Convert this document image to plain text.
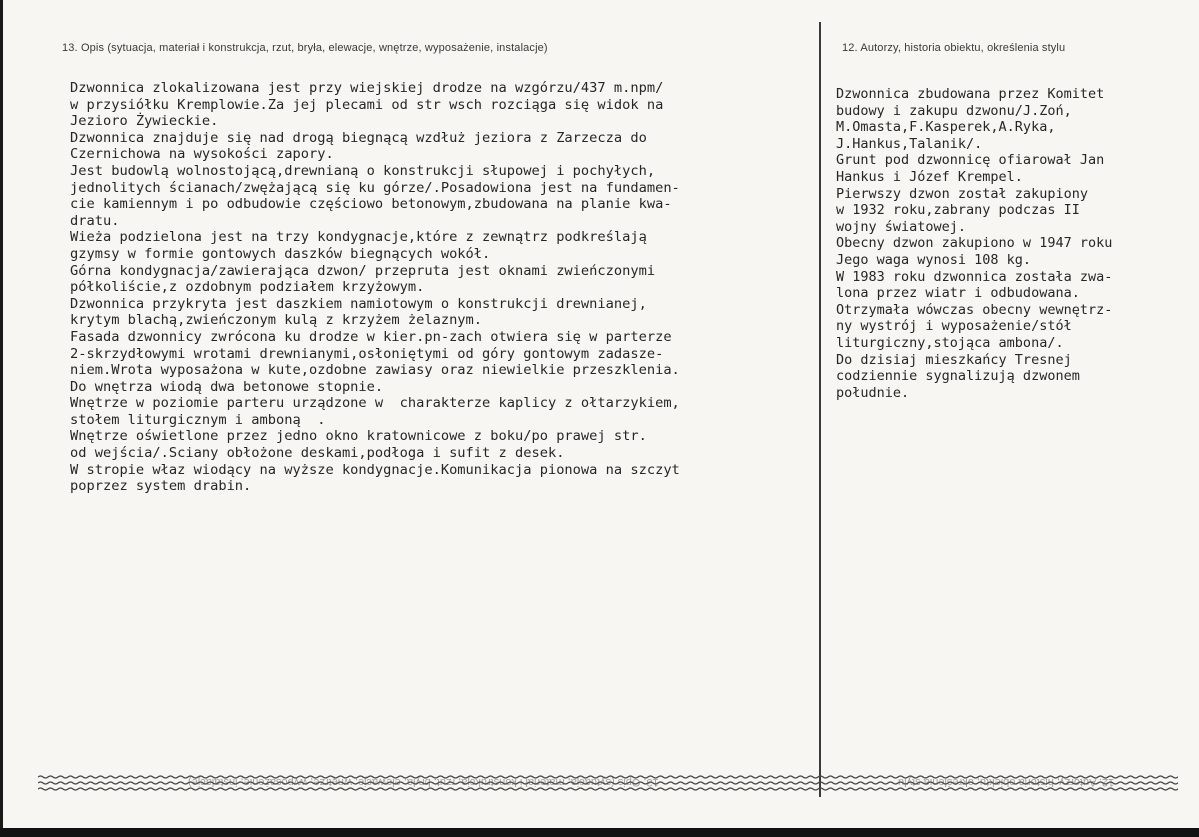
13. Opis (sytuacja, materiał i konstrukcja, rzut, bryła, elewacje, wnętrze, wyposażenie, instalacje)	12. Autorzy, historia obiektu, określenia stylu
Dzwonnica zlokalizowana jest przy wiejskiej drodze na wzgórzu/437 m.npm/
w przysiółku Kremplowie.Za jej plecami od str wsch rozciąga się widok na
Jezioro Żywieckie.
Dzwonnica znajduje się nad drogą biegnącą wzdłuż jeziora z Zarzecza do
Czernichowa na wysokości zapory.
Jest budowlą wolnostojącą,drewnianą o konstrukcji słupowej i pochyłych,
jednolitych ścianach/zwężającą się ku górze/.Posadowiona jest na fundamen-
cie kamiennym i po odbudowie częściowo betonowym,zbudowana na planie kwa-
dratu.
Wieża podzielona jest na trzy kondygnacje,które z zewnątrz podkreślają
gzymsy w formie gontowych daszków biegnących wokół.
Górna kondygnacja/zawierająca dzwon/ przepruta jest oknami zwieńczonymi
półkoliście,z ozdobnym podziałem krzyżowym.
Dzwonnica przykryta jest daszkiem namiotowym o konstrukcji drewnianej,
krytym blachą,zwieńczonym kulą z krzyżem żelaznym.
Fasada dzwonnicy zwrócona ku drodze w kier.pn-zach otwiera się w parterze
2-skrzydłowymi wrotami drewnianymi,osłoniętymi od góry gontowym zadasze-
niem.Wrota wyposażona w kute,ozdobne zawiasy oraz niewielkie przeszklenia.
Do wnętrza wiodą dwa betonowe stopnie.
Wnętrze w poziomie parteru urządzone w  charakterze kaplicy z ołtarzykiem,
stołem liturgicznym i amboną  .
Wnętrze oświetlone przez jedno okno kratownicowe z boku/po prawej str.
od wejścia/.Sciany obłożone deskami,podłoga i sufit z desek.
W stropie właz wiodący na wyższe kondygnacje.Komunikacja pionowa na szczyt
poprzez system drabin.
Dzwonnica zbudowana przez Komitet
budowy i zakupu dzwonu/J.Zoń,
M.Omasta,F.Kasperek,A.Ryka,
J.Hankus,Talanik/.
Grunt pod dzwonnicę ofiarował Jan
Hankus i Józef Krempel.
Pierwszy dzwon został zakupiony
w 1932 roku,zabrany podczas II
wojny światowej.
Obecny dzwon zakupiono w 1947 roku
Jego waga wynosi 108 kg.
W 1983 roku dzwonnica została zwa-
lona przez wiatr i odbudowana.
Otrzymała wówczas obecny wewnętrz-
ny wystrój i wyposażenie/stół
liturgiczny,stojąca ambona/.
Do dzisiaj mieszkańcy Tresnej
codziennie sygnalizują dzwonem
południe.
13. Opis (sytuacja, materiał i konstrukcja, rzut, bryła, elewacje, wnętrze, wyposażenie, instalacje)	12. Autorzy, historia obiektu, określenia stylu
